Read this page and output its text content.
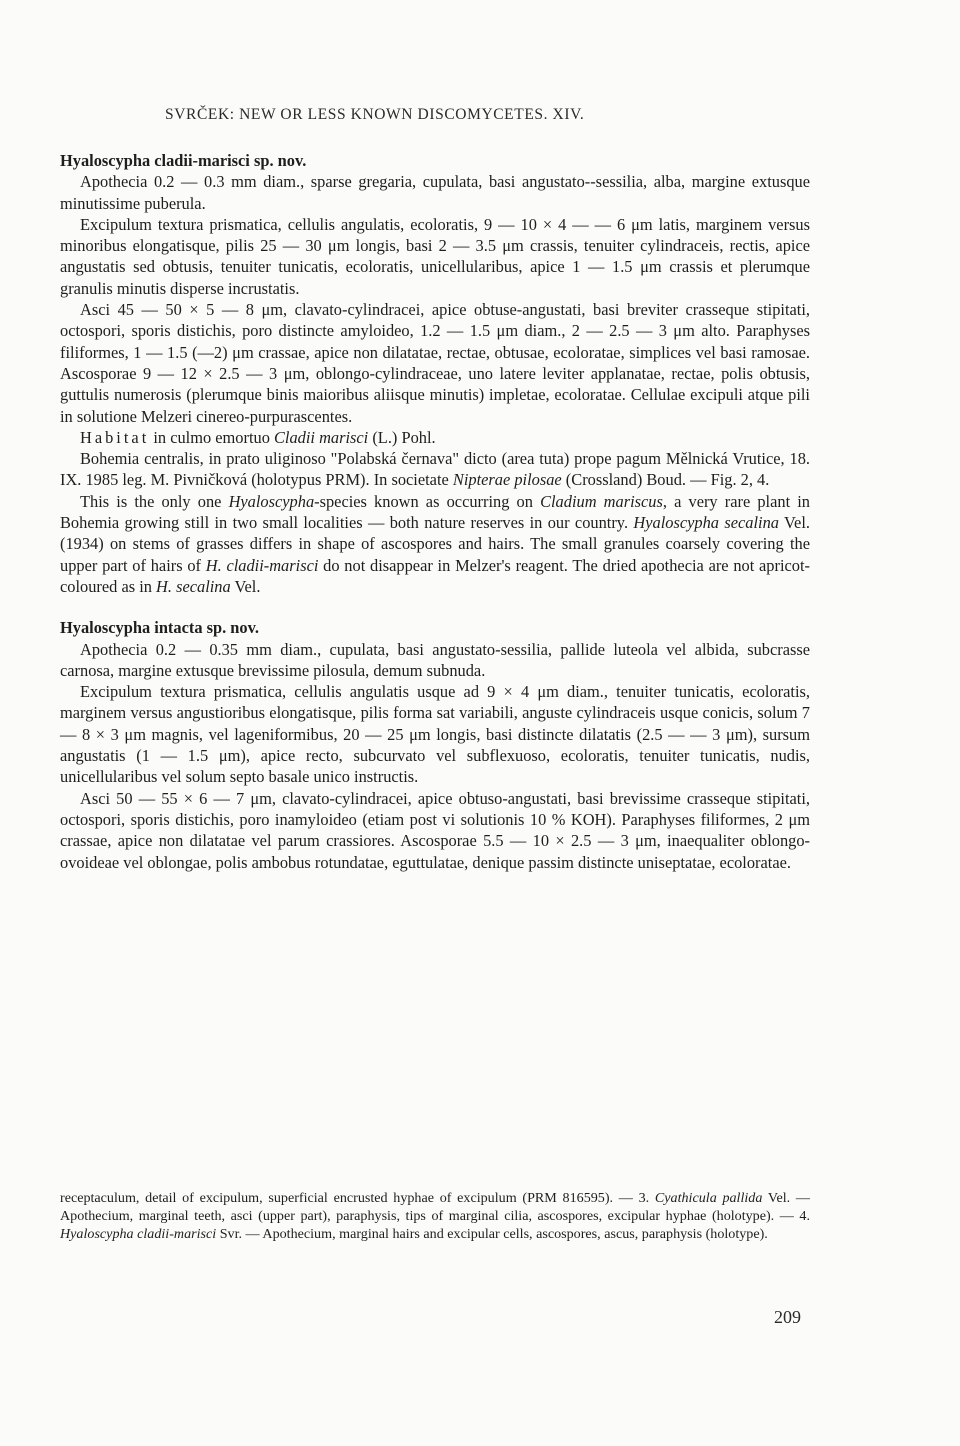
SVRČEK: NEW OR LESS KNOWN DISCOMYCETES. XIV.

Hyaloscypha cladii-marisci sp. nov.

Apothecia 0.2 — 0.3 mm diam., sparse gregaria, cupulata, basi angustato--sessilia, alba, margine extusque minutissime puberula.

Excipulum textura prismatica, cellulis angulatis, ecoloratis, 9 — 10 × 4 — — 6 μm latis, marginem versus minoribus elongatisque, pilis 25 — 30 μm longis, basi 2 — 3.5 μm crassis, tenuiter cylindraceis, rectis, apice angustatis sed obtusis, tenuiter tunicatis, ecoloratis, unicellularibus, apice 1 — 1.5 μm crassis et plerumque granulis minutis disperse incrustatis.

Asci 45 — 50 × 5 — 8 μm, clavato-cylindracei, apice obtuse-angustati, basi breviter crasseque stipitati, octospori, sporis distichis, poro distincte amyloideo, 1.2 — 1.5 μm diam., 2 — 2.5 — 3 μm alto. Paraphyses filiformes, 1 — 1.5 (—2) μm crassae, apice non dilatatae, rectae, obtusae, ecoloratae, simplices vel basi ramosae. Ascosporae 9 — 12 × 2.5 — 3 μm, oblongo-cylindraceae, uno latere leviter applanatae, rectae, polis obtusis, guttulis numerosis (plerumque binis maioribus aliisque minutis) impletae, ecoloratae. Cellulae excipuli atque pili in solutione Melzeri cinereo-purpurascentes.

Habitat in culmo emortuo Cladii marisci (L.) Pohl.

Bohemia centralis, in prato uliginoso "Polabská černava" dicto (area tuta) prope pagum Mělnická Vrutice, 18. IX. 1985 leg. M. Pivničková (holotypus PRM). In societate Nipterae pilosae (Crossland) Boud. — Fig. 2, 4.

This is the only one Hyaloscypha-species known as occurring on Cladium mariscus, a very rare plant in Bohemia growing still in two small localities — both nature reserves in our country. Hyaloscypha secalina Vel. (1934) on stems of grasses differs in shape of ascospores and hairs. The small granules coarsely covering the upper part of hairs of H. cladii-marisci do not disappear in Melzer's reagent. The dried apothecia are not apricot-coloured as in H. secalina Vel.

Hyaloscypha intacta sp. nov.

Apothecia 0.2 — 0.35 mm diam., cupulata, basi angustato-sessilia, pallide luteola vel albida, subcrasse carnosa, margine extusque brevissime pilosula, demum subnuda.

Excipulum textura prismatica, cellulis angulatis usque ad 9 × 4 μm diam., tenuiter tunicatis, ecoloratis, marginem versus angustioribus elongatisque, pilis forma sat variabili, anguste cylindraceis usque conicis, solum 7 — 8 × 3 μm magnis, vel lageniformibus, 20 — 25 μm longis, basi distincte dilatatis (2.5 — — 3 μm), sursum angustatis (1 — 1.5 μm), apice recto, subcurvato vel subflexuoso, ecoloratis, tenuiter tunicatis, nudis, unicellularibus vel solum septo basale unico instructis.

Asci 50 — 55 × 6 — 7 μm, clavato-cylindracei, apice obtuso-angustati, basi brevissime crasseque stipitati, octospori, sporis distichis, poro inamyloideo (etiam post vi solutionis 10 % KOH). Paraphyses filiformes, 2 μm crassae, apice non dilatatae vel parum crassiores. Ascosporae 5.5 — 10 × 2.5 — 3 μm, inaequaliter oblongo-ovoideae vel oblongae, polis ambobus rotundatae, eguttulatae, denique passim distincte uniseptatae, ecoloratae.

receptaculum, detail of excipulum, superficial encrusted hyphae of excipulum (PRM 816595). — 3. Cyathicula pallida Vel. — Apothecium, marginal teeth, asci (upper part), paraphysis, tips of marginal cilia, ascospores, excipular hyphae (holotype). — 4. Hyaloscypha cladii-marisci Svr. — Apothecium, marginal hairs and excipular cells, ascospores, ascus, paraphysis (holotype).

209
